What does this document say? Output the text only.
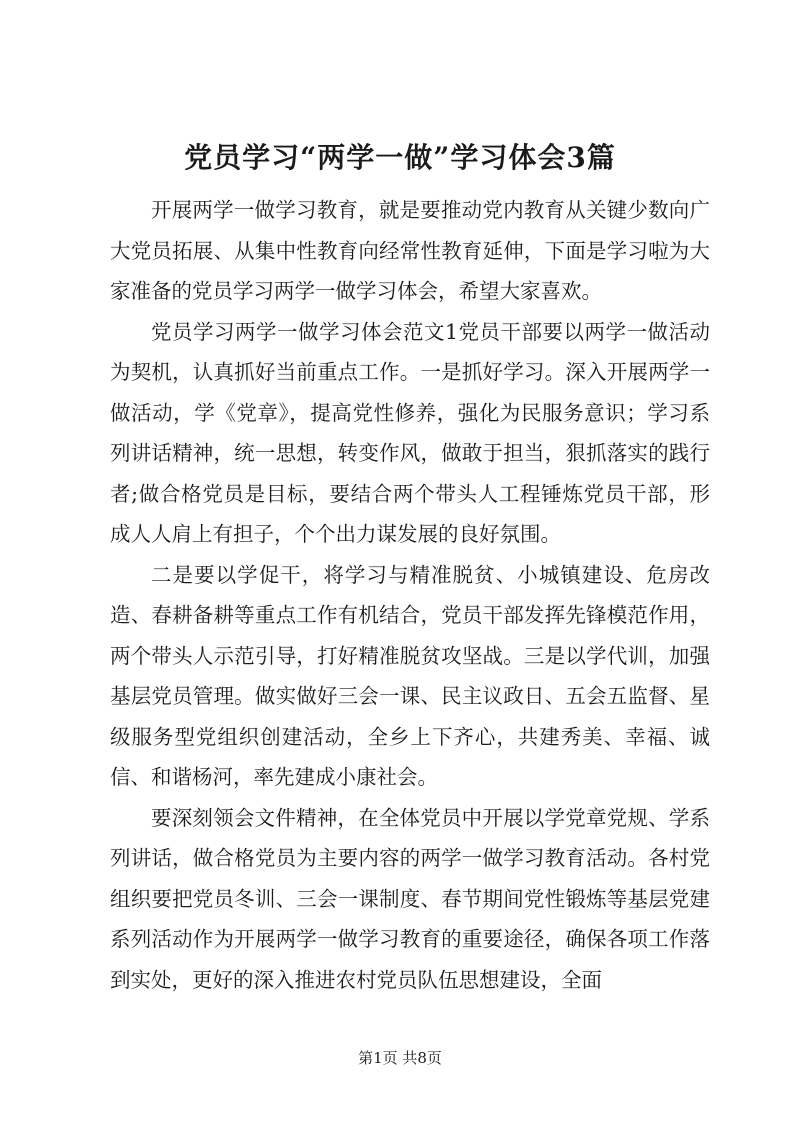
党员学习“两学一做”学习体会3篇

开展两学一做学习教育，就是要推动党内教育从关键少数向广大党员拓展、从集中性教育向经常性教育延伸，下面是学习啦为大家准备的党员学习两学一做学习体会，希望大家喜欢。

党员学习两学一做学习体会范文1党员干部要以两学一做活动为契机，认真抓好当前重点工作。一是抓好学习。深入开展两学一做活动，学《党章》，提高党性修养，强化为民服务意识；学习系列讲话精神，统一思想，转变作风，做敢于担当，狠抓落实的践行者;做合格党员是目标，要结合两个带头人工程锤炼党员干部，形成人人肩上有担子，个个出力谋发展的良好氛围。

二是要以学促干，将学习与精准脱贫、小城镇建设、危房改造、春耕备耕等重点工作有机结合，党员干部发挥先锋模范作用，两个带头人示范引导，打好精准脱贫攻坚战。三是以学代训，加强基层党员管理。做实做好三会一课、民主议政日、五会五监督、星级服务型党组织创建活动，全乡上下齐心，共建秀美、幸福、诚信、和谐杨河，率先建成小康社会。

要深刻领会文件精神，在全体党员中开展以学党章党规、学系列讲话，做合格党员为主要内容的两学一做学习教育活动。各村党组织要把党员冬训、三会一课制度、春节期间党性锻炼等基层党建系列活动作为开展两学一做学习教育的重要途径，确保各项工作落到实处，更好的深入推进农村党员队伍思想建设，全面

第1页 共8页
